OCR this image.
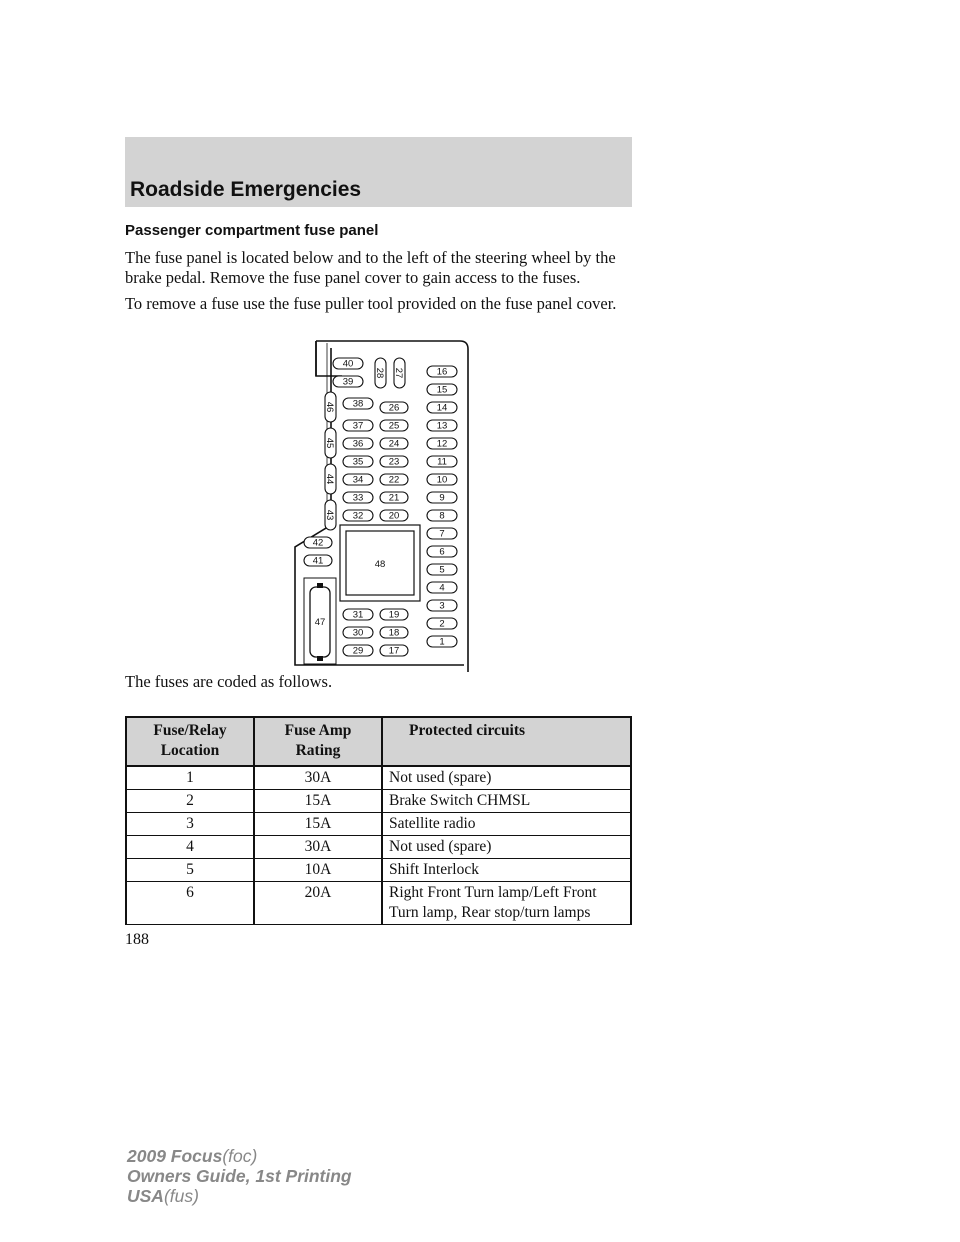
Roadside Emergencies
Passenger compartment fuse panel

The fuse panel is located below and to the left of the steering wheel by the brake pedal. Remove the fuse panel cover to gain access to the fuses.

To remove a fuse use the fuse puller tool provided on the fuse panel cover.

16
15
14
13
12
11
10
9
8
7
6
5
4
3
2
1
26
25
24
23
22
21
20
19
18
17
40
39
38
37
36
35
34
33
32
31
30
29
28 27
46
45
44
43
42
41	48
47

The fuses are coded as follows.

Fuse/Relay Location	Fuse Amp Rating	Protected circuits
1	30A	Not used (spare)
2	15A	Brake Switch CHMSL
3	15A	Satellite radio
4	30A	Not used (spare)
5	10A	Shift Interlock
6	20A	Right Front Turn lamp/Left Front Turn lamp, Rear stop/turn lamps
188
2009 Focus(foc)
Owners Guide, 1st Printing
USA(fus)
